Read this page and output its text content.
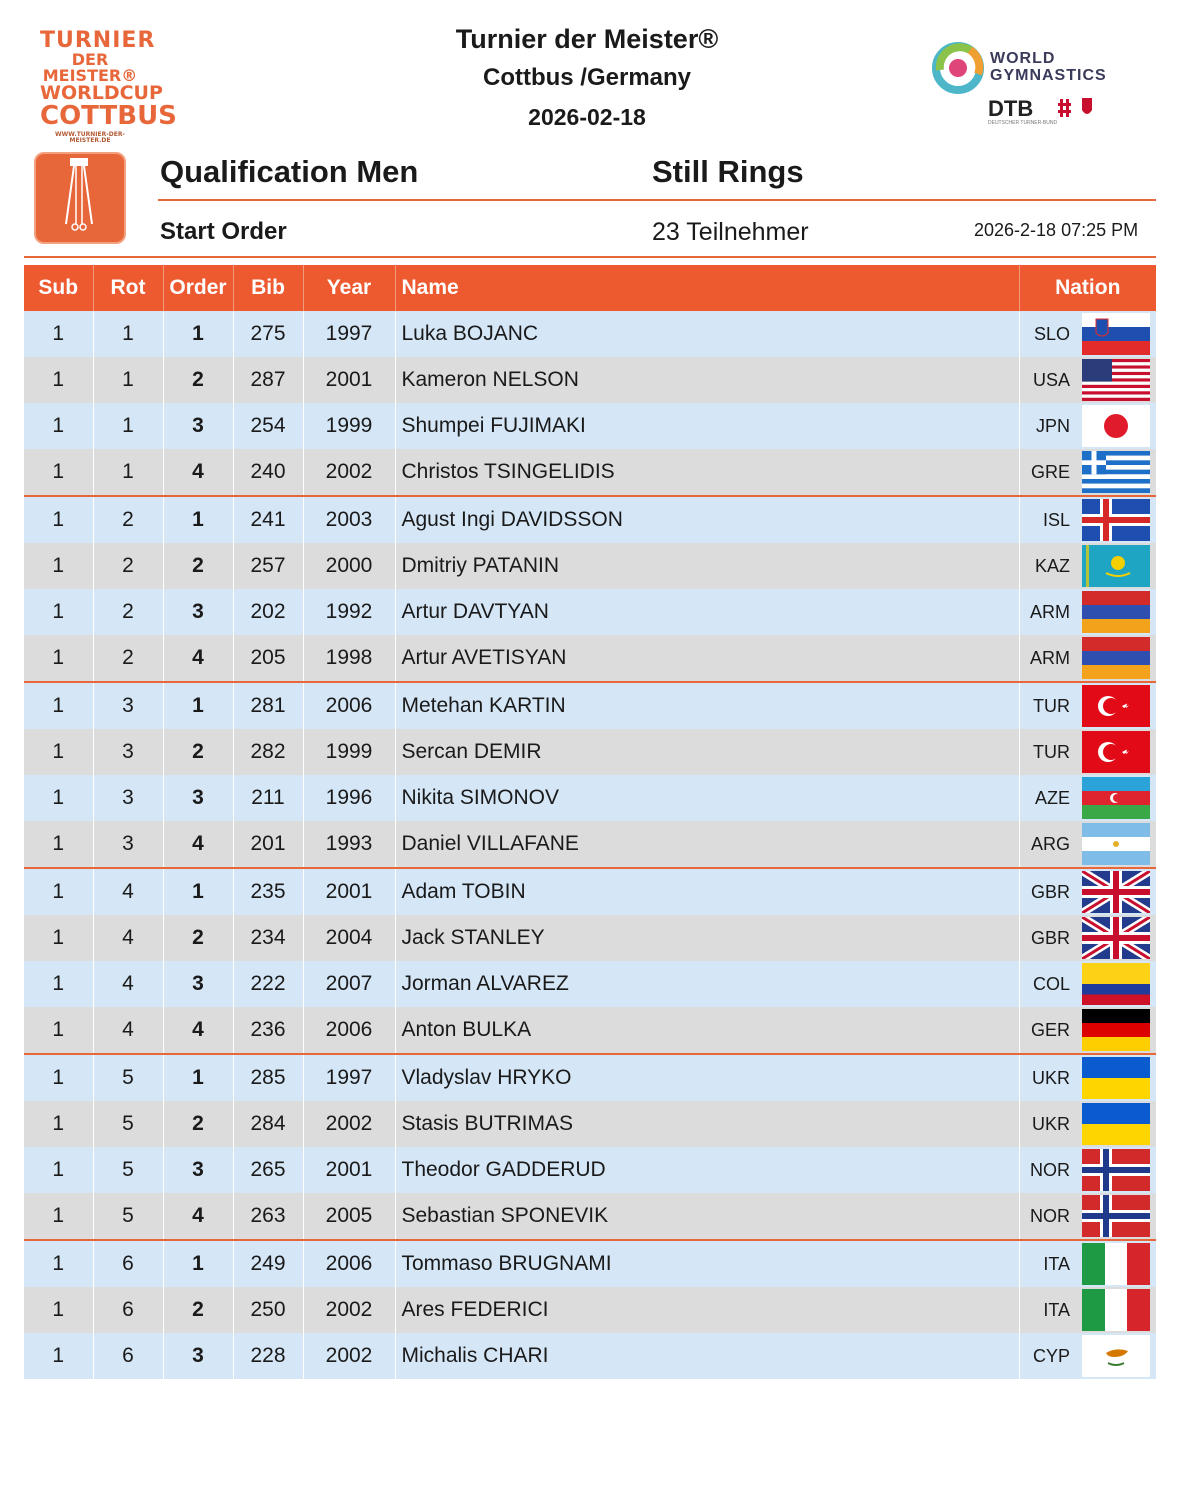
TURNIER
DER MEISTER®
WORLDCUP
COTTBUS
WWW.TURNIER-DER-MEISTER.DE
Turnier der Meister®
Cottbus /Germany
2026-02-18
WORLD
GYMNASTICS
DTB
DEUTSCHER TURNER-BUND
Qualification Men	Still Rings
Start Order	23 Teilnehmer	2026-2-18 07:25 PM
Sub	Rot	Order	Bib	Year	Name	Nation
1	1	1	275	1997	Luka BOJANC	SLO

1	1	2	287	2001	Kameron NELSON	USA

1	1	3	254	1999	Shumpei FUJIMAKI	JPN

1	1	4	240	2002	Christos TSINGELIDIS	GRE

1	2	1	241	2003	Agust Ingi DAVIDSSON	ISL

1	2	2	257	2000	Dmitriy PATANIN	KAZ

1	2	3	202	1992	Artur DAVTYAN	ARM

1	2	4	205	1998	Artur AVETISYAN	ARM

1	3	1	281	2006	Metehan KARTIN	TUR

1	3	2	282	1999	Sercan DEMIR	TUR

1	3	3	211	1996	Nikita SIMONOV	AZE

1	3	4	201	1993	Daniel VILLAFANE	ARG

1	4	1	235	2001	Adam TOBIN	GBR

1	4	2	234	2004	Jack STANLEY	GBR

1	4	3	222	2007	Jorman ALVAREZ	COL

1	4	4	236	2006	Anton BULKA	GER

1	5	1	285	1997	Vladyslav HRYKO	UKR

1	5	2	284	2002	Stasis BUTRIMAS	UKR

1	5	3	265	2001	Theodor GADDERUD	NOR

1	5	4	263	2005	Sebastian SPONEVIK	NOR

1	6	1	249	2006	Tommaso BRUGNAMI	ITA

1	6	2	250	2002	Ares FEDERICI	ITA

1	6	3	228	2002	Michalis CHARI	CYP
